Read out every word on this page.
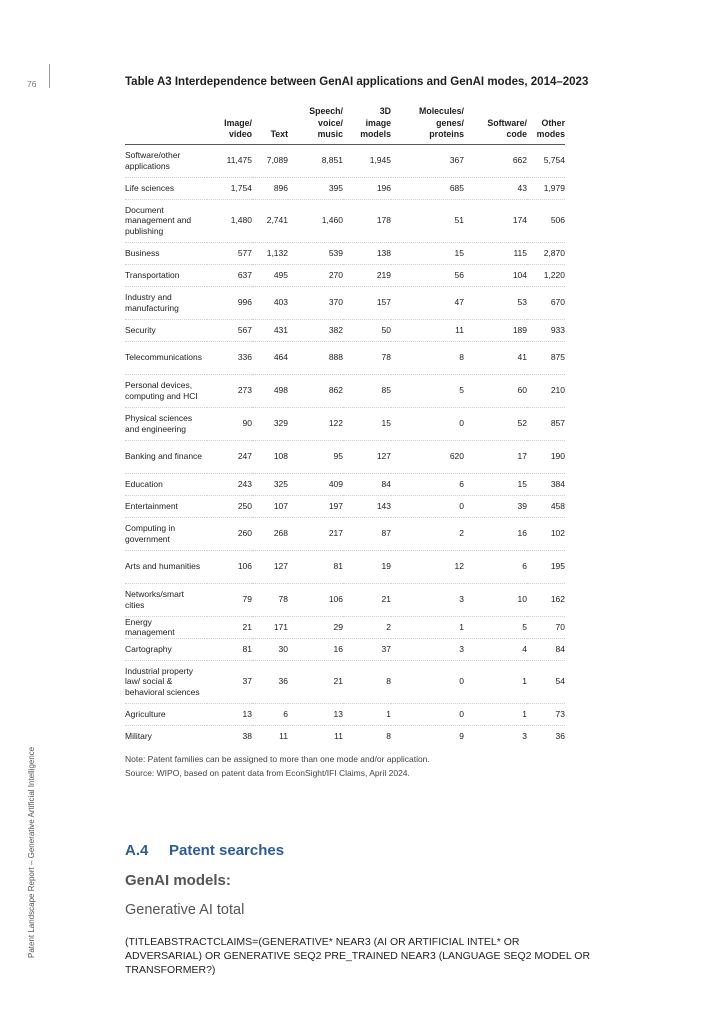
76
Patent Landscape Report – Generative Artificial Intelligence
Table A3 Interdependence between GenAI applications and GenAI modes, 2014–2023
	Image/
video	Text	Speech/
voice/
music	3D
image
models	Molecules/
genes/
proteins	Software/
code	Other
modes
Software/other applications	11,475	7,089	8,851	1,945	367	662	5,754
Life sciences	1,754	896	395	196	685	43	1,979
Document management and publishing	1,480	2,741	1,460	178	51	174	506
Business	577	1,132	539	138	15	115	2,870
Transportation	637	495	270	219	56	104	1,220
Industry and manufacturing	996	403	370	157	47	53	670
Security	567	431	382	50	11	189	933
Telecommunications	336	464	888	78	8	41	875
Personal devices, computing and HCI	273	498	862	85	5	60	210
Physical sciences and engineering	90	329	122	15	0	52	857
Banking and finance	247	108	95	127	620	17	190
Education	243	325	409	84	6	15	384
Entertainment	250	107	197	143	0	39	458
Computing in government	260	268	217	87	2	16	102
Arts and humanities	106	127	81	19	12	6	195
Networks/smart cities	79	78	106	21	3	10	162
Energy management	21	171	29	2	1	5	70
Cartography	81	30	16	37	3	4	84
Industrial property law/ social & behavioral sciences	37	36	21	8	0	1	54
Agriculture	13	6	13	1	0	1	73
Military	38	11	11	8	9	3	36
Note: Patent families can be assigned to more than one mode and/or application.
Source: WIPO, based on patent data from EconSight/IFI Claims, April 2024.
A.4 Patent searches
GenAI models:
Generative AI total
(TITLEABSTRACTCLAIMS=(GENERATIVE* NEAR3 (AI OR ARTIFICIAL INTEL* OR ADVERSARIAL) OR GENERATIVE SEQ2 PRE_TRAINED NEAR3 (LANGUAGE SEQ2 MODEL OR TRANSFORMER?)
